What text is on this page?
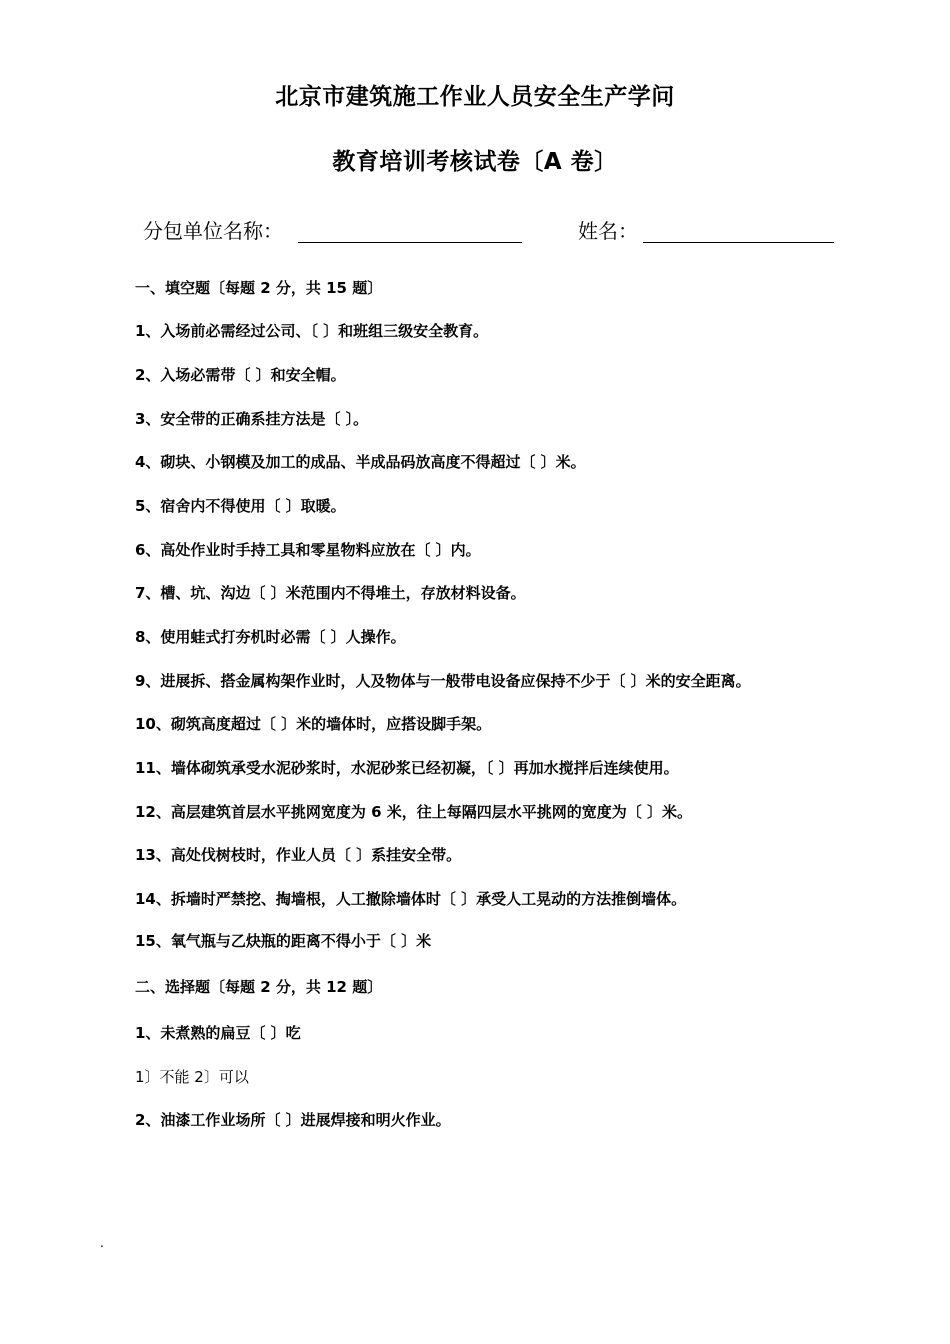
北京市建筑施工作业人员安全生产学问
教育培训考核试卷〔A 卷〕
分包单位名称：	姓名：
一、填空题〔每题 2 分，共 15 题〕
1、入场前必需经过公司、〔 〕和班组三级安全教育。
2、入场必需带〔 〕和安全帽。
3、安全带的正确系挂方法是〔 〕。
4、砌块、小钢模及加工的成品、半成品码放高度不得超过〔 〕米。
5、宿舍内不得使用〔 〕取暖。
6、高处作业时手持工具和零星物料应放在〔 〕内。
7、槽、坑、沟边〔 〕米范围内不得堆土，存放材料设备。
8、使用蛙式打夯机时必需〔 〕人操作。
9、进展拆、搭金属构架作业时，人及物体与一般带电设备应保持不少于〔 〕米的安全距离。
10、砌筑高度超过〔 〕米的墙体时，应搭设脚手架。
11、墙体砌筑承受水泥砂浆时，水泥砂浆已经初凝，〔 〕再加水搅拌后连续使用。
12、高层建筑首层水平挑网宽度为 6 米，往上每隔四层水平挑网的宽度为〔 〕米。
13、高处伐树枝时，作业人员〔 〕系挂安全带。
14、拆墙时严禁挖、掏墙根，人工撤除墙体时〔 〕承受人工晃动的方法推倒墙体。
15、氧气瓶与乙炔瓶的距离不得小于〔 〕米
二、选择题〔每题 2 分，共 12 题〕
1、未煮熟的扁豆〔 〕吃
1〕不能 2〕可以
2、油漆工作业场所〔 〕进展焊接和明火作业。
.
